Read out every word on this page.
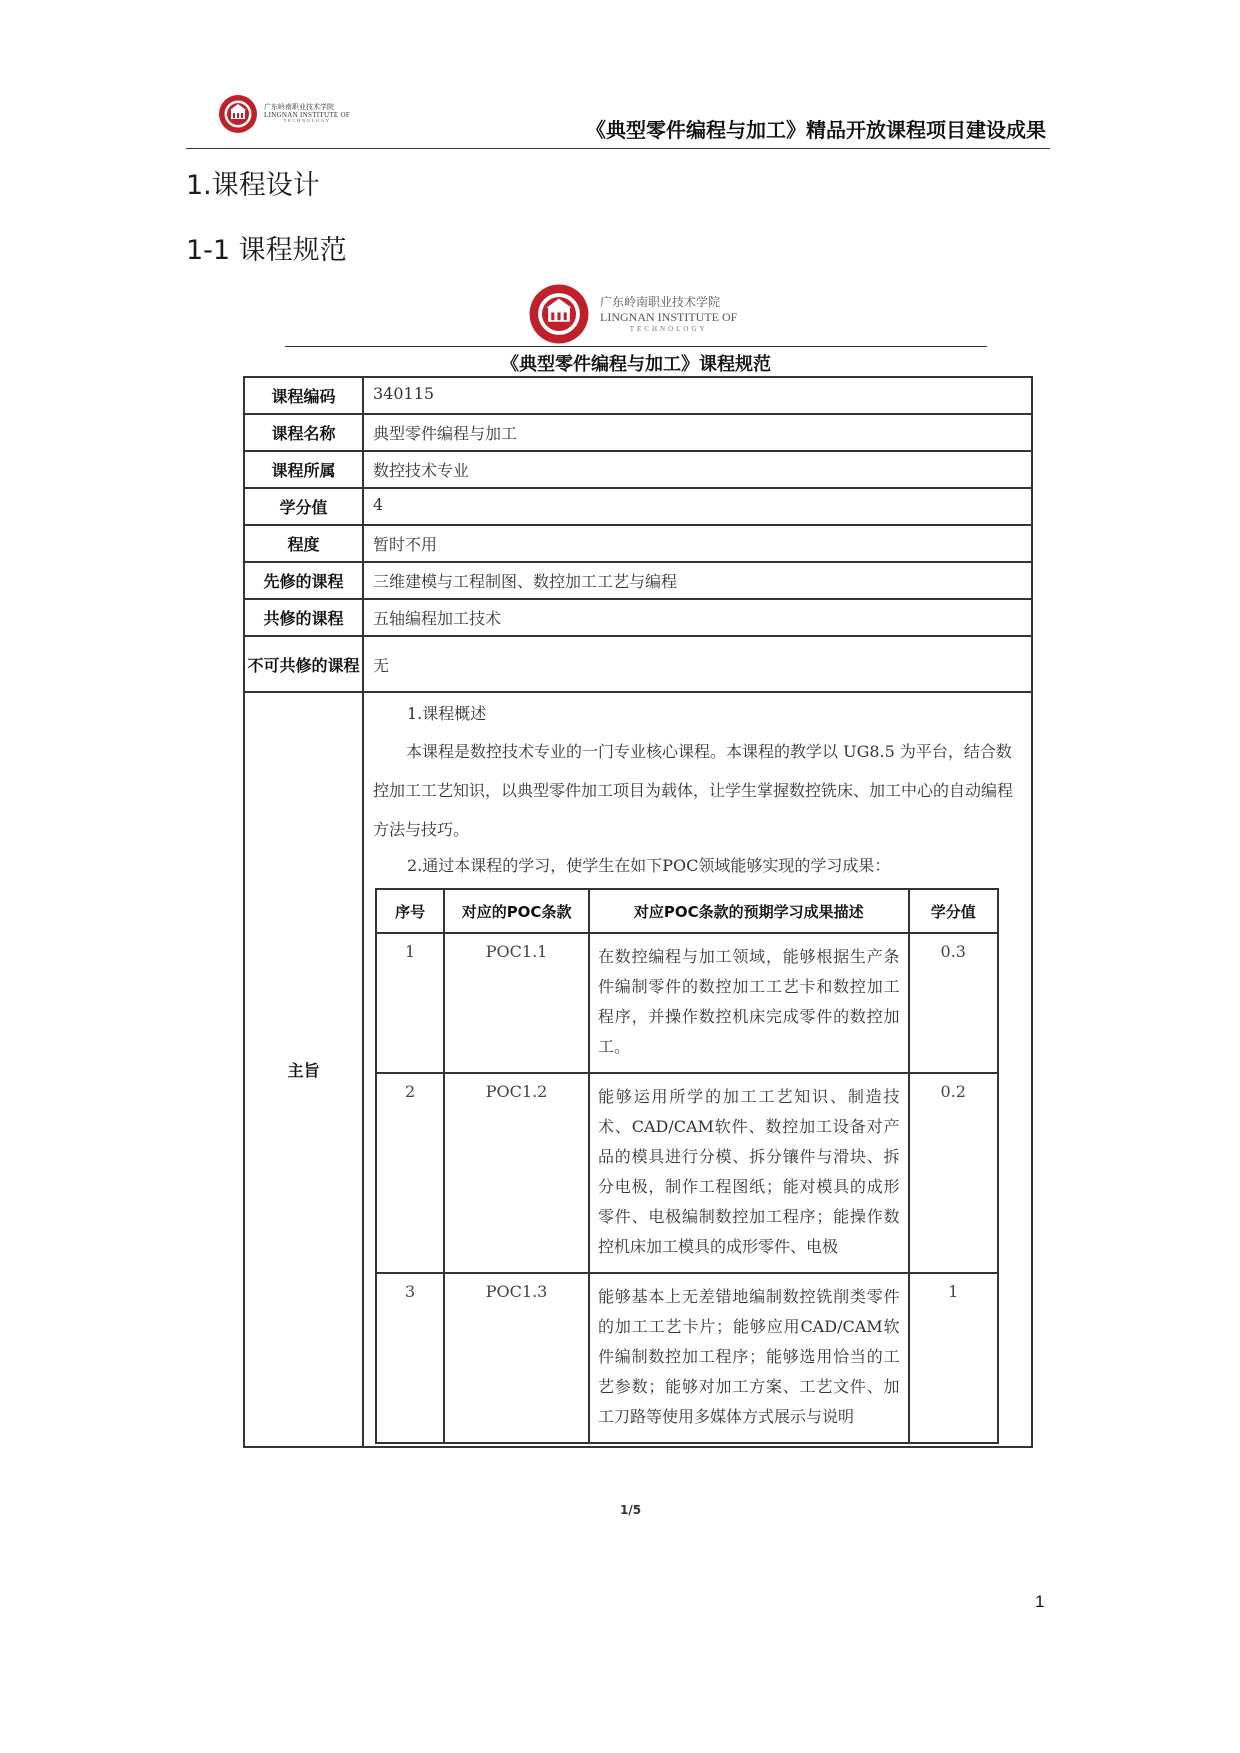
广东岭南职业技术学院
LINGNAN INSTITUTE OF
TECHNOLOGY	《典型零件编程与加工》精品开放课程项目建设成果
1.课程设计
1-1 课程规范
广东岭南职业技术学院
LINGNAN INSTITUTE OF
TECHNOLOGY
《典型零件编程与加工》课程规范
课程编码	340115
课程名称	典型零件编程与加工
课程所属	数控技术专业
学分值	4
程度	暂时不用
先修的课程	三维建模与工程制图、数控加工工艺与编程
共修的课程	五轴编程加工技术
不可共修的课程	无
主旨	
1.课程概述

本课程是数控技术专业的一门专业核心课程。本课程的教学以 UG8.5 为平台，结合数控加工工艺知识，以典型零件加工项目为载体，让学生掌握数控铣床、加工中心的自动编程方法与技巧。

2.通过本课程的学习，使学生在如下POC领域能够实现的学习成果：
序号	对应的POC条款	对应POC条款的预期学习成果描述	学分值
1	POC1.1	在数控编程与加工领域，能够根据生产条件编制零件的数控加工工艺卡和数控加工程序，并操作数控机床完成零件的数控加工。	0.3
2	POC1.2	能够运用所学的加工工艺知识、制造技术、CAD/CAM软件、数控加工设备对产品的模具进行分模、拆分镶件与滑块、拆分电极，制作工程图纸；能对模具的成形零件、电极编制数控加工程序；能操作数控机床加工模具的成形零件、电极	0.2
3	POC1.3	能够基本上无差错地编制数控铣削类零件的加工工艺卡片；能够应用CAD/CAM软件编制数控加工程序；能够选用恰当的工艺参数；能够对加工方案、工艺文件、加工刀路等使用多媒体方式展示与说明	1
1/5
1
